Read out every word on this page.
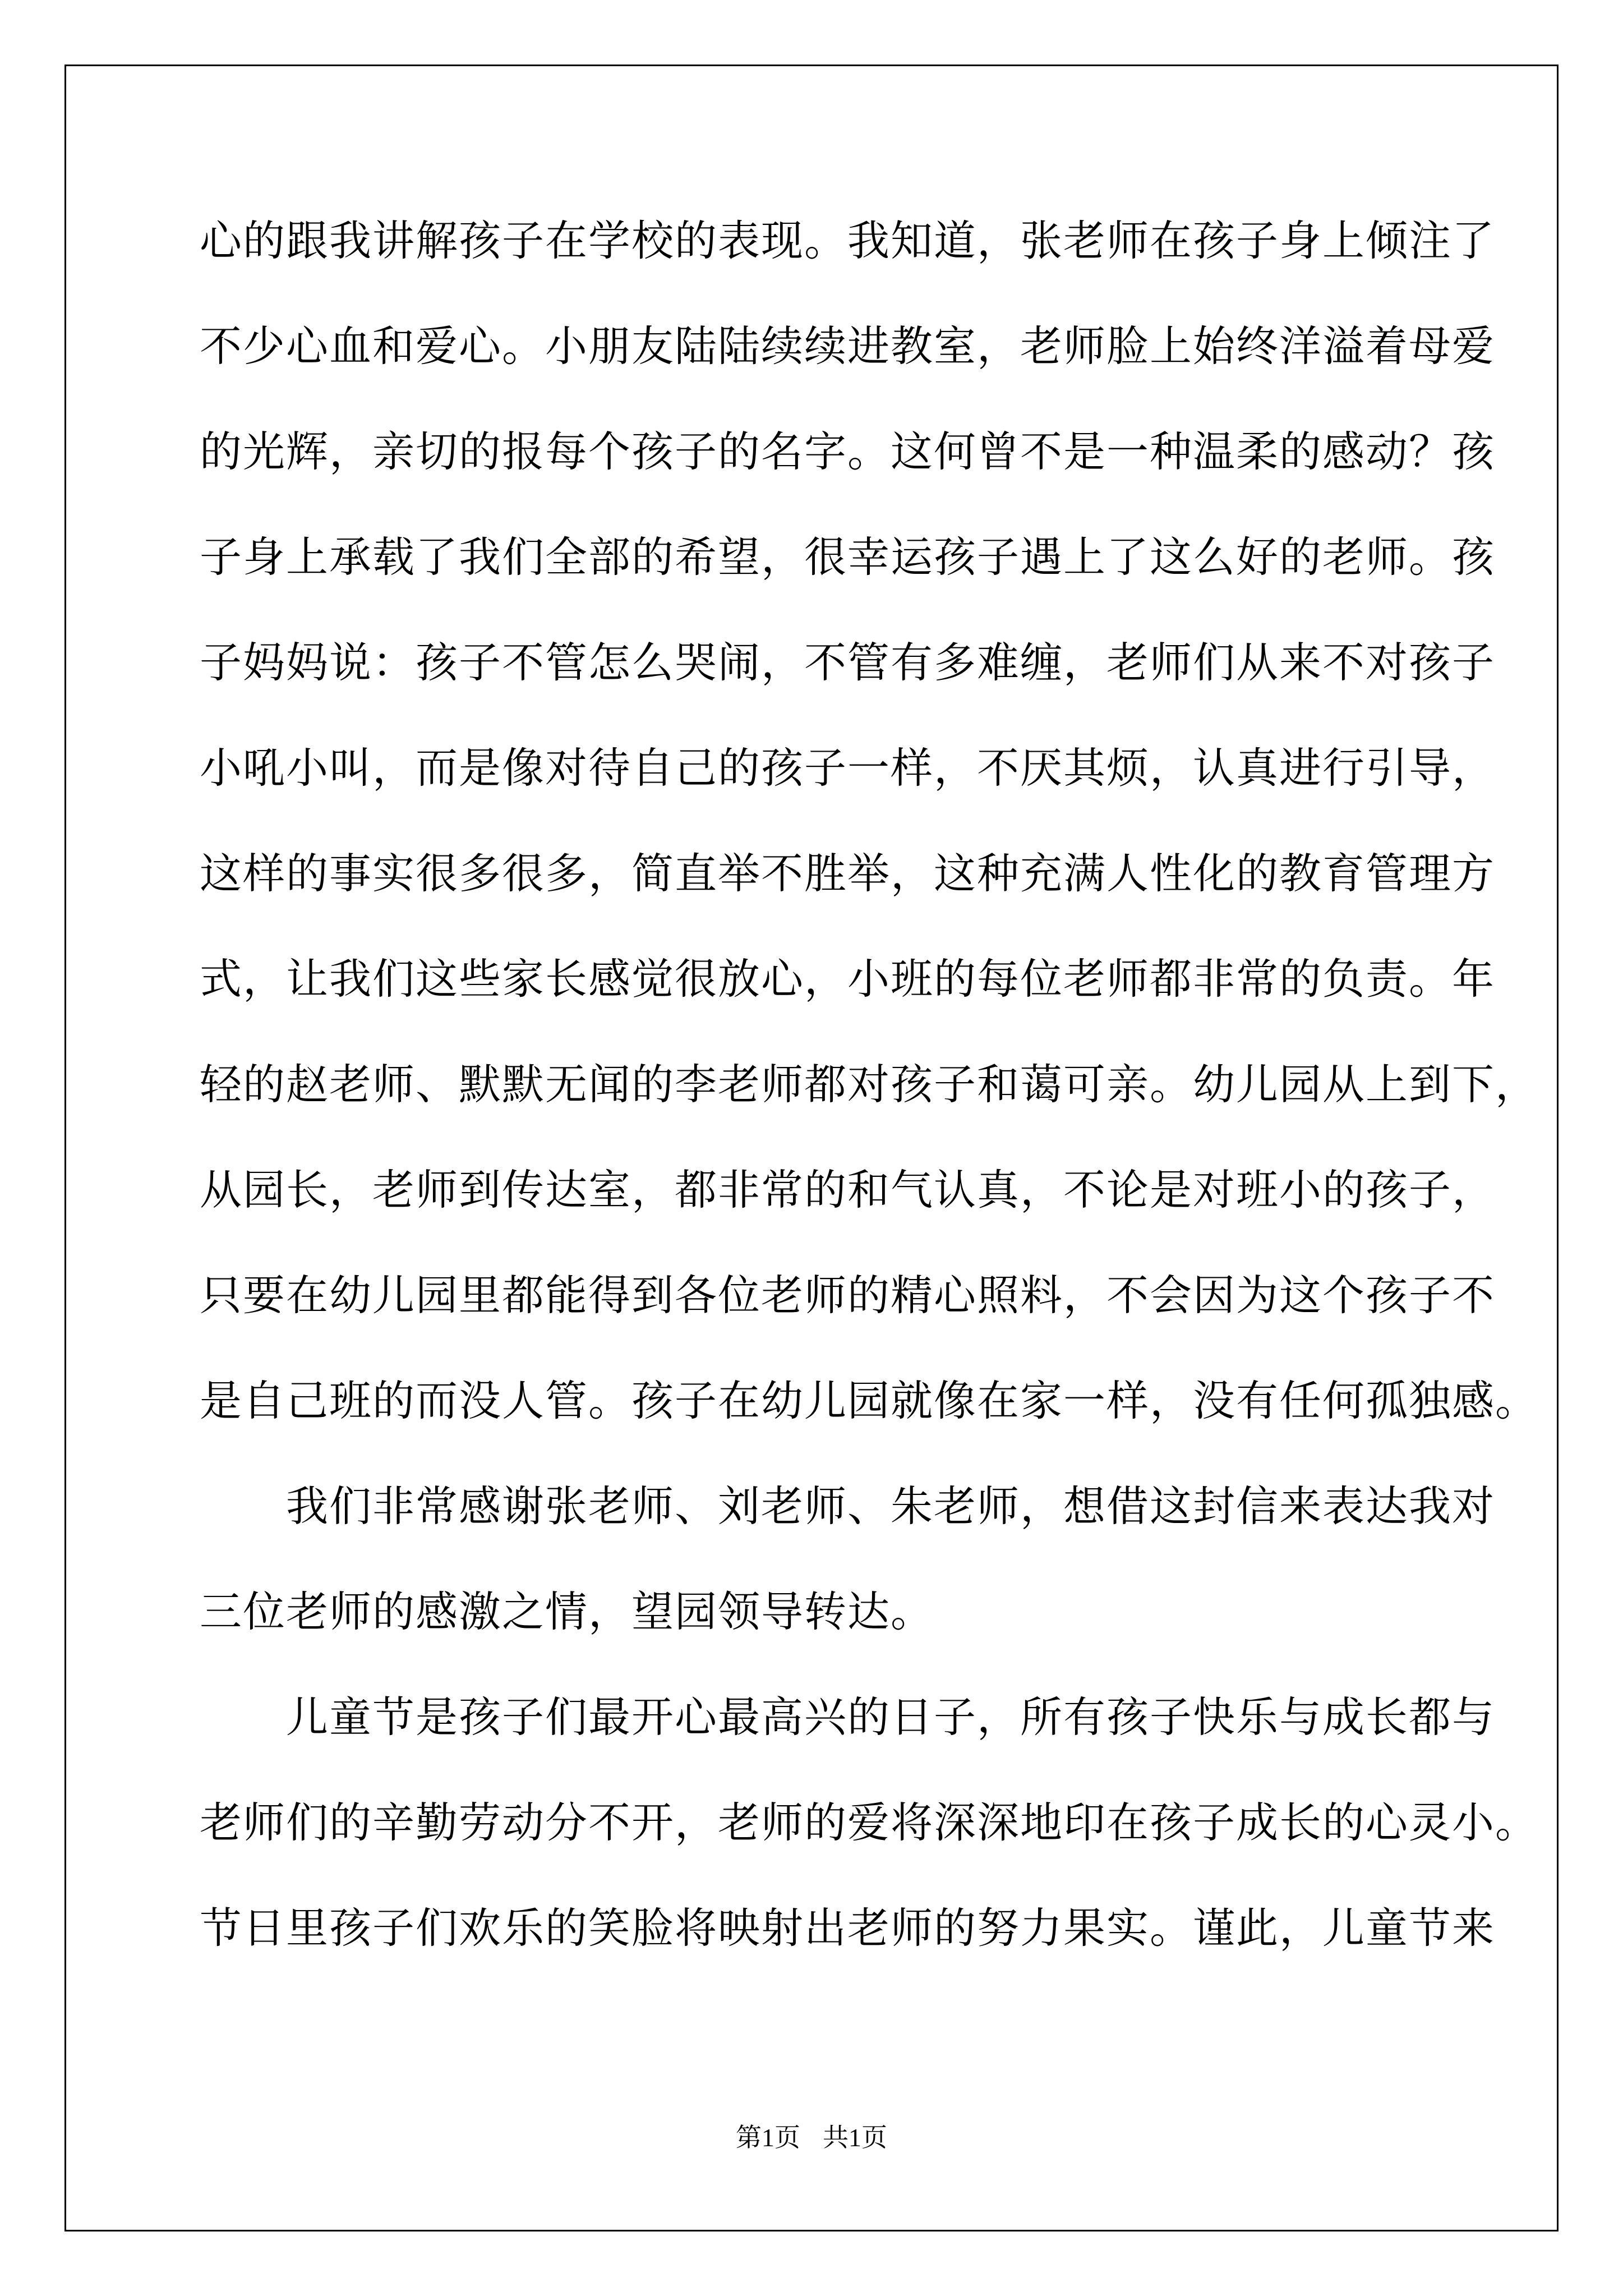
心的跟我讲解孩子在学校的表现。我知道，张老师在孩子身上倾注了
不少心血和爱心。小朋友陆陆续续进教室，老师脸上始终洋溢着母爱
的光辉，亲切的报每个孩子的名字。这何曾不是一种温柔的感动？孩
子身上承载了我们全部的希望，很幸运孩子遇上了这么好的老师。孩
子妈妈说：孩子不管怎么哭闹，不管有多难缠，老师们从来不对孩子
小吼小叫，而是像对待自己的孩子一样，不厌其烦，认真进行引导，
这样的事实很多很多，简直举不胜举，这种充满人性化的教育管理方
式，让我们这些家长感觉很放心，小班的每位老师都非常的负责。年
轻的赵老师、默默无闻的李老师都对孩子和蔼可亲。幼儿园从上到下，
从园长，老师到传达室，都非常的和气认真，不论是对班小的孩子，
只要在幼儿园里都能得到各位老师的精心照料，不会因为这个孩子不
是自己班的而没人管。孩子在幼儿园就像在家一样，没有任何孤独感。
　　我们非常感谢张老师、刘老师、朱老师，想借这封信来表达我对
三位老师的感激之情，望园领导转达。
　　儿童节是孩子们最开心最高兴的日子，所有孩子快乐与成长都与
老师们的辛勤劳动分不开，老师的爱将深深地印在孩子成长的心灵小。
节日里孩子们欢乐的笑脸将映射出老师的努力果实。谨此，儿童节来
第1页 共1页
